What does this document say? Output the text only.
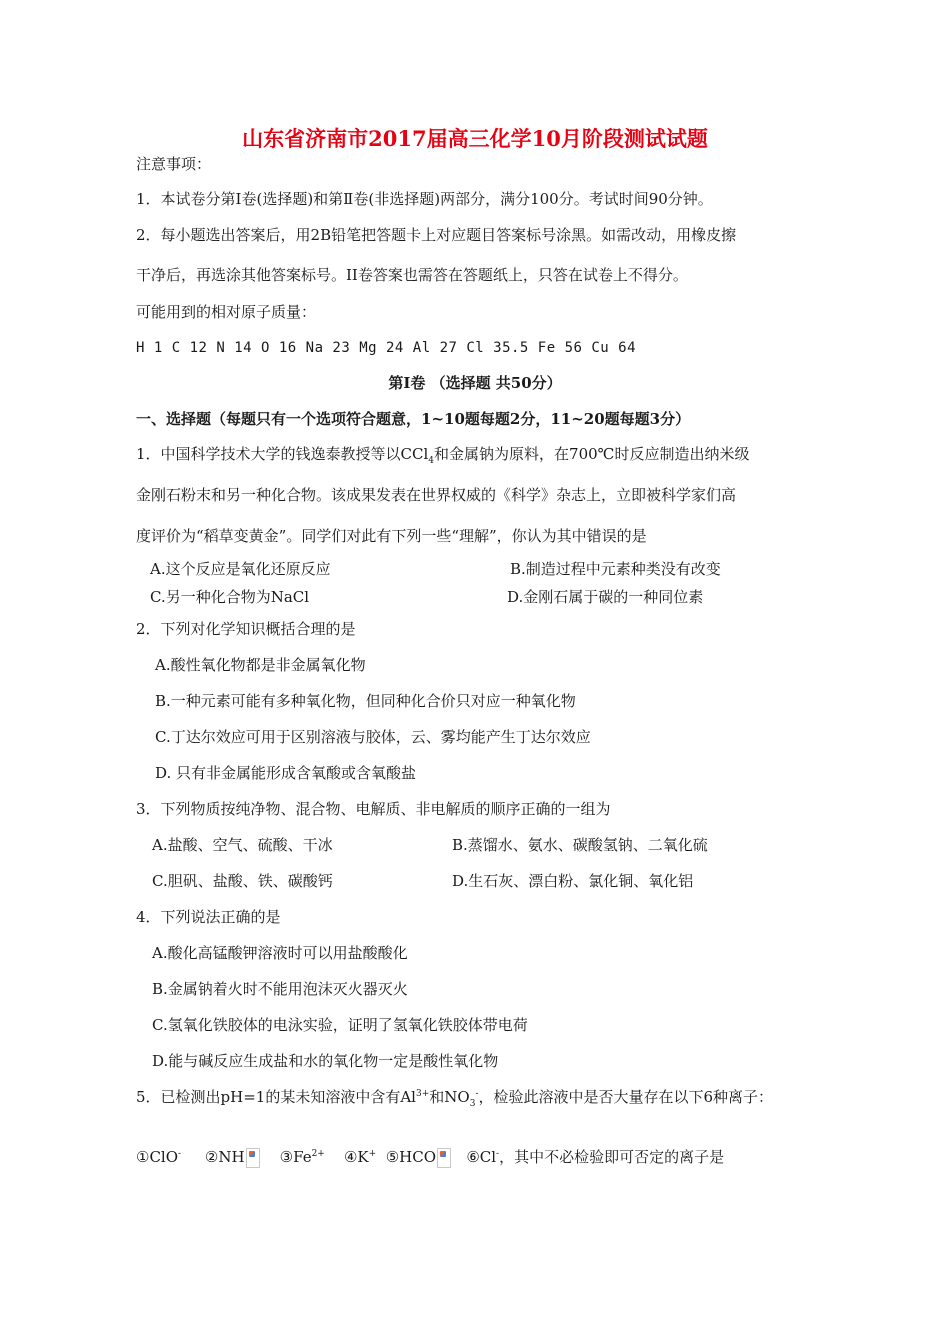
山东省济南市2017届高三化学10月阶段测试试题
注意事项：
1．本试卷分第Ⅰ卷(选择题)和第Ⅱ卷(非选择题)两部分，满分100分。考试时间90分钟。
2．每小题选出答案后，用2B铅笔把答题卡上对应题目答案标号涂黑。如需改动，用橡皮擦
干净后，再选涂其他答案标号。II卷答案也需答在答题纸上，只答在试卷上不得分。
可能用到的相对原子质量：
H 1 C 12 N 14 O 16 Na 23 Mg 24 Al 27 Cl 35.5 Fe 56 Cu 64
第Ⅰ卷 （选择题 共50分）
一、选择题（每题只有一个选项符合题意，1~10题每题2分，11~20题每题3分）
1．中国科学技术大学的钱逸泰教授等以CCl$_4$和金属钠为原料，在700℃时反应制造出纳米级
金刚石粉末和另一种化合物。该成果发表在世界权威的《科学》杂志上，立即被科学家们高
度评价为“稻草变黄金”。同学们对此有下列一些“理解”，你认为其中错误的是
A.这个反应是氧化还原反应	B.制造过程中元素种类没有改变
C.另一种化合物为NaCl	D.金刚石属于碳的一种同位素
2．下列对化学知识概括合理的是
A.酸性氧化物都是非金属氧化物
B.一种元素可能有多种氧化物，但同种化合价只对应一种氧化物
C.丁达尔效应可用于区别溶液与胶体，云、雾均能产生丁达尔效应
D. 只有非金属能形成含氧酸或含氧酸盐
3．下列物质按纯净物、混合物、电解质、非电解质的顺序正确的一组为
A.盐酸、空气、硫酸、干冰	B.蒸馏水、氨水、碳酸氢钠、二氧化硫
C.胆矾、盐酸、铁、碳酸钙	D.生石灰、漂白粉、氯化铜、氧化铝
4．下列说法正确的是
A.酸化高锰酸钾溶液时可以用盐酸酸化
B.金属钠着火时不能用泡沫灭火器灭火
C.氢氧化铁胶体的电泳实验，证明了氢氧化铁胶体带电荷
D.能与碱反应生成盐和水的氧化物一定是酸性氧化物
5．已检测出pH=1的某未知溶液中含有$Al^{3+}$和$NO_3^-$，检验此溶液中是否大量存在以下6种离子：
①ClO- ②NH $③Fe^{2+}$ ④K+ ⑤HCO ⑥Cl-，其中不必检验即可否定的离子是
